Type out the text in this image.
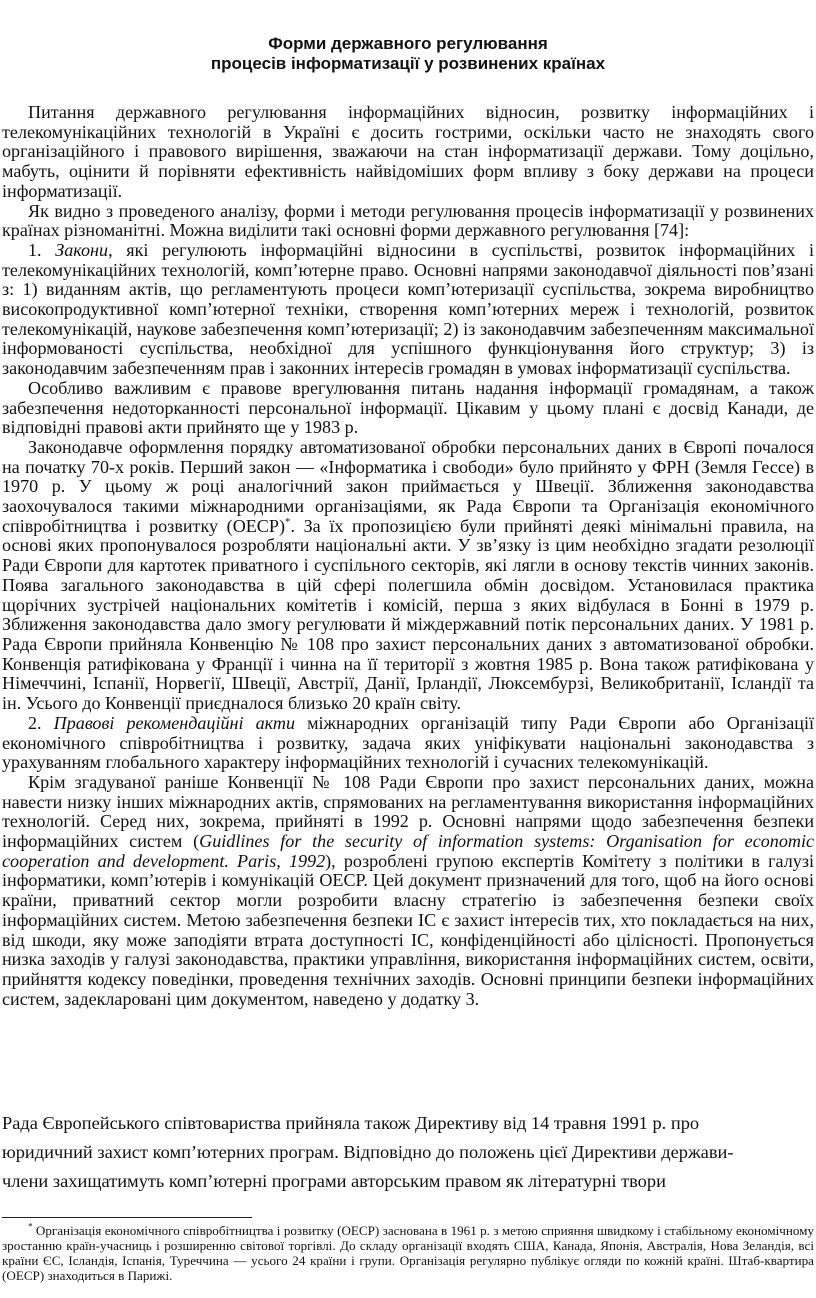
Форми державного регулювання
процесів інформатизації у розвинених країнах

Питання державного регулювання інформаційних відносин, розвитку інформаційних і телекомунікаційних технологій в Україні є досить гострими, оскільки часто не знаходять свого організаційного і правового вирішення, зважаючи на стан інформатизації держави. Тому доцільно, мабуть, оцінити й порівняти ефективність найвідоміших форм впливу з боку держави на процеси інформатизації.

Як видно з проведеного аналізу, форми і методи регулювання процесів інформатизації у розвинених країнах різноманітні. Можна виділити такі основні форми державного регулювання [74]:

1. Закони, які регулюють інформаційні відносини в суспільстві, розвиток інформаційних і телекомунікаційних технологій, комп’ютерне право. Основні напрями законодавчої діяльності пов’язані з: 1) виданням актів, що регламентують процеси комп’ютеризації суспільства, зокрема виробництво високопродуктивної комп’ютерної техніки, створення комп’ютерних мереж і технологій, розвиток телекомунікацій, наукове забезпечення комп’ютеризації; 2) із законодавчим забезпеченням максимальної інформованості суспільства, необхідної для успішного функціонування його структур; 3) із законодавчим забезпеченням прав і законних інтересів громадян в умовах інформатизації суспільства.

Особливо важливим є правове врегулювання питань надання інформації громадянам, а також забезпечення недоторканності персональної інформації. Цікавим у цьому плані є досвід Канади, де відповідні правові акти прийнято ще у 1983 р.

Законодавче оформлення порядку автоматизованої обробки персональних даних в Європі почалося на початку 70-х років. Перший закон — «Інформатика і свободи» було прийнято у ФРН (Земля Гессе) в 1970 р. У цьому ж році аналогічний закон приймається у Швеції. Зближення законодавства заохочувалося такими міжнародними організаціями, як Рада Європи та Організація економічного співробітництва і розвитку (ОЕСР)*. За їх пропозицією були прийняті деякі мінімальні правила, на основі яких пропонувалося розробляти національні акти. У зв’язку із цим необхідно згадати резолюції Ради Європи для картотек приватного і суспільного секторів, які лягли в основу текстів чинних законів. Поява загального законодавства в цій сфері полегшила обмін досвідом. Установилася практика щорічних зустрічей національних комітетів і комісій, перша з яких відбулася в Бонні в 1979 р. Зближення законодавства дало змогу регулювати й міждержавний потік персональних даних. У 1981 р. Рада Європи прийняла Конвенцію № 108 про захист персональних даних з автоматизованої обробки. Конвенція ратифікована у Франції і чинна на її території з жовтня 1985 р. Вона також ратифікована у Німеччині, Іспанії, Норвегії, Швеції, Австрії, Данії, Ірландії, Люксембурзі, Великобританії, Ісландії та ін. Усього до Конвенції приєдналося близько 20 країн світу.

2. Правові рекомендаційні акти міжнародних організацій типу Ради Європи або Організації економічного співробітництва і розвитку, задача яких уніфікувати національні законодавства з урахуванням глобального характеру інформаційних технологій і сучасних телекомунікацій.

Крім згадуваної раніше Конвенції № 108 Ради Європи про захист персональних даних, можна навести низку інших міжнародних актів, спрямованих на регламентування використання інформаційних технологій. Серед них, зокрема, прийняті в 1992 р. Основні напрями щодо забезпечення безпеки інформаційних систем (Guidlines for the security of information systems: Organisation for economic cooperation and development. Paris, 1992), розроблені групою експертів Комітету з політики в галузі інформатики, комп’ютерів і комунікацій ОЕСР. Цей документ призначений для того, щоб на його основі країни, приватний сектор могли розробити власну стратегію із забезпечення безпеки своїх інформаційних систем. Метою забезпечення безпеки ІС є захист інтересів тих, хто покладається на них, від шкоди, яку може заподіяти втрата доступності ІС, конфіденційності або цілісності. Пропонується низка заходів у галузі законодавства, практики управління, використання інформаційних систем, освіти, прийняття кодексу поведінки, проведення технічних заходів. Основні принципи безпеки інформаційних систем, задекларовані цим документом, наведено у додатку 3.

Рада Європейського співтовариства прийняла також Директиву від 14 травня 1991 р. про
юридичний захист комп’ютерних програм. Відповідно до положень цієї Директиви держави-
члени захищатимуть комп’ютерні програми авторським правом як літературні твори
* Організація економічного співробітництва і розвитку (ОЕСР) заснована в 1961 р. з метою сприяння швидкому і стабільному економічному зростанню країн-учасниць і розширенню світової торгівлі. До складу організації входять США, Канада, Японія, Австралія, Нова Зеландія, всі країни ЄС, Ісландія, Іспанія, Туреччина — усього 24 країни і групи. Організація регулярно публікує огляди по кожній країні. Штаб-квартира (ОЕСР) знаходиться в Парижі.
